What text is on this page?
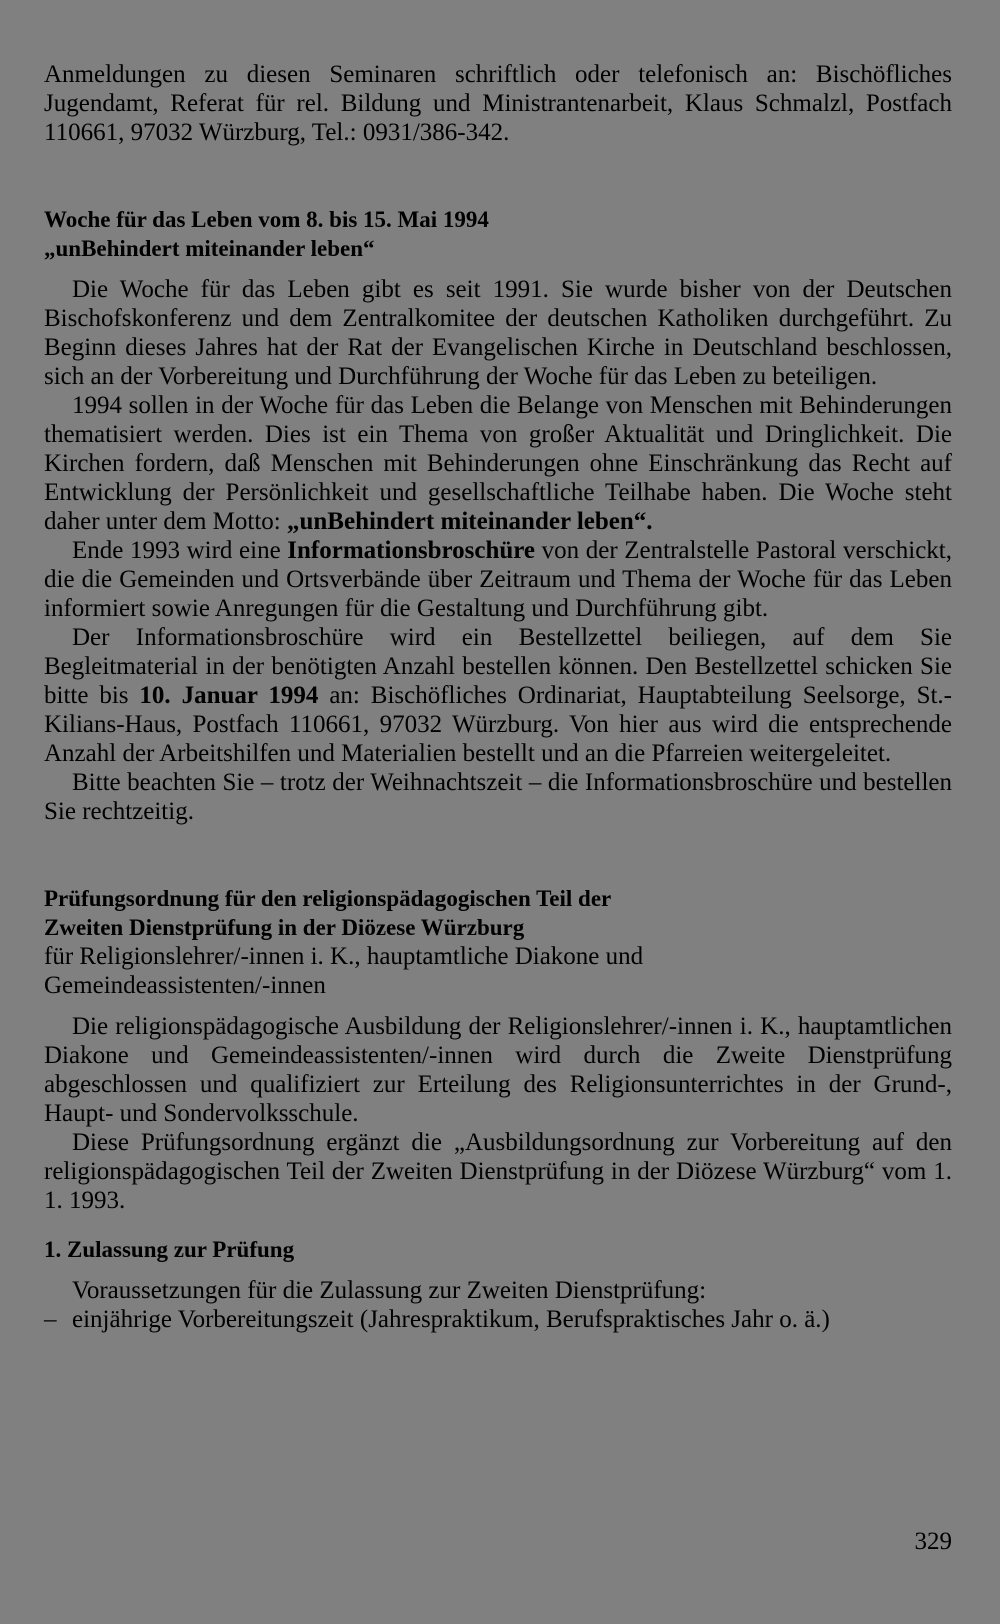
Anmeldungen zu diesen Seminaren schriftlich oder telefonisch an: Bischöfliches Jugendamt, Referat für rel. Bildung und Ministrantenarbeit, Klaus Schmalzl, Postfach 110661, 97032 Würzburg, Tel.: 0931/386-342.

Woche für das Leben vom 8. bis 15. Mai 1994
„unBehindert miteinander leben“

Die Woche für das Leben gibt es seit 1991. Sie wurde bisher von der Deutschen Bischofskonferenz und dem Zentralkomitee der deutschen Katholiken durchgeführt. Zu Beginn dieses Jahres hat der Rat der Evangelischen Kirche in Deutschland beschlossen, sich an der Vorbereitung und Durchführung der Woche für das Leben zu beteiligen.

1994 sollen in der Woche für das Leben die Belange von Menschen mit Behinderungen thematisiert werden. Dies ist ein Thema von großer Aktualität und Dringlichkeit. Die Kirchen fordern, daß Menschen mit Behinderungen ohne Einschränkung das Recht auf Entwicklung der Persönlichkeit und gesellschaftliche Teilhabe haben. Die Woche steht daher unter dem Motto: „unBehindert miteinander leben“.

Ende 1993 wird eine Informationsbroschüre von der Zentralstelle Pastoral verschickt, die die Gemeinden und Ortsverbände über Zeitraum und Thema der Woche für das Leben informiert sowie Anregungen für die Gestaltung und Durchführung gibt.

Der Informationsbroschüre wird ein Bestellzettel beiliegen, auf dem Sie Begleitmaterial in der benötigten Anzahl bestellen können. Den Bestellzettel schicken Sie bitte bis 10. Januar 1994 an: Bischöfliches Ordinariat, Hauptabteilung Seelsorge, St.-Kilians-Haus, Postfach 110661, 97032 Würzburg. Von hier aus wird die entsprechende Anzahl der Arbeitshilfen und Materialien bestellt und an die Pfarreien weitergeleitet.

Bitte beachten Sie – trotz der Weihnachtszeit – die Informationsbroschüre und bestellen Sie rechtzeitig.

Prüfungsordnung für den religionspädagogischen Teil der
Zweiten Dienstprüfung in der Diözese Würzburg
für Religionslehrer/-innen i. K., hauptamtliche Diakone und
Gemeindeassistenten/-innen

Die religionspädagogische Ausbildung der Religionslehrer/-innen i. K., hauptamtlichen Diakone und Gemeindeassistenten/-innen wird durch die Zweite Dienstprüfung abgeschlossen und qualifiziert zur Erteilung des Religionsunterrichtes in der Grund-, Haupt- und Sondervolksschule.

Diese Prüfungsordnung ergänzt die „Ausbildungsordnung zur Vorbereitung auf den religionspädagogischen Teil der Zweiten Dienstprüfung in der Diözese Würzburg“ vom 1. 1. 1993.

1. Zulassung zur Prüfung

Voraussetzungen für die Zulassung zur Zweiten Dienstprüfung:

– einjährige Vorbereitungszeit (Jahrespraktikum, Berufspraktisches Jahr o. ä.)
329
